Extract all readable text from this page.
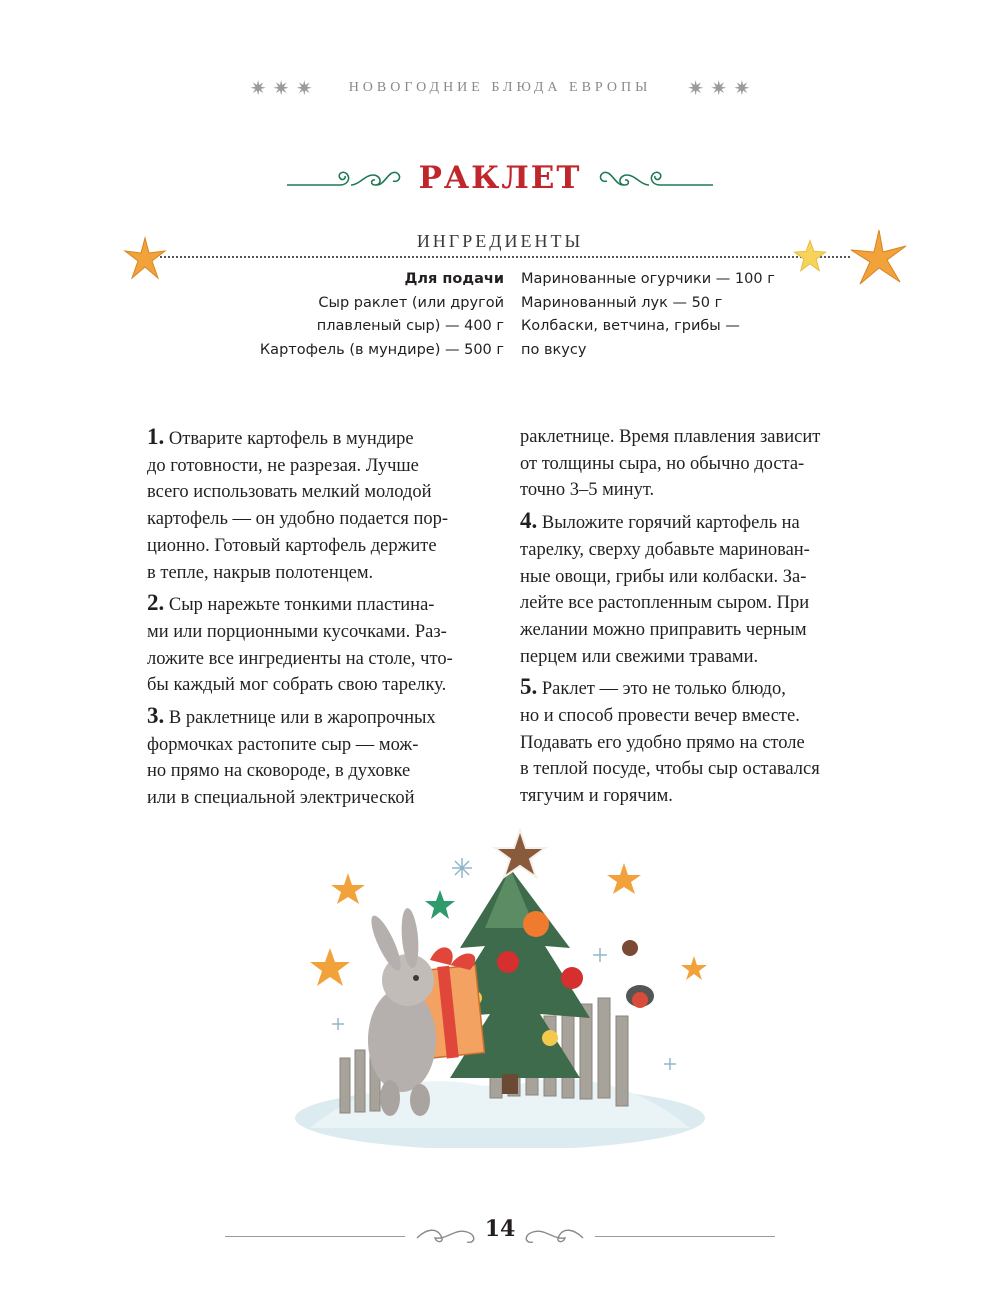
✷ ✷ ✷	НОВОГОДНИЕ БЛЮДА ЕВРОПЫ ✷ ✷ ✷
РАКЛЕТ
ИНГРЕДИЕНТЫ
Для подачи
Сыр раклет (или другой
плавленый сыр) — 400 г
Картофель (в мундире) — 500 г
Маринованные огурчики — 100 г
Маринованный лук — 50 г
Колбаски, ветчина, грибы —
по вкусу
1. Отварите картофель в мундире
до готовности, не разрезая. Лучше
всего использовать мелкий молодой
картофель — он удобно подается пор-
ционно. Готовый картофель держите
в тепле, накрыв полотенцем.
2. Сыр нарежьте тонкими пластина-
ми или порционными кусочками. Раз-
ложите все ингредиенты на столе, что-
бы каждый мог собрать свою тарелку.
3. В раклетнице или в жаропрочных
формочках растопите сыр — мож-
но прямо на сковороде, в духовке
или в специальной электрической
раклетнице. Время плавления зависит
от толщины сыра, но обычно доста-
точно 3–5 минут.
4. Выложите горячий картофель на
тарелку, сверху добавьте маринован-
ные овощи, грибы или колбаски. За-
лейте все растопленным сыром. При
желании можно приправить черным
перцем или свежими травами.
5. Раклет — это не только блюдо,
но и способ провести вечер вместе.
Подавать его удобно прямо на столе
в теплой посуде, чтобы сыр оставался
тягучим и горячим.
14
